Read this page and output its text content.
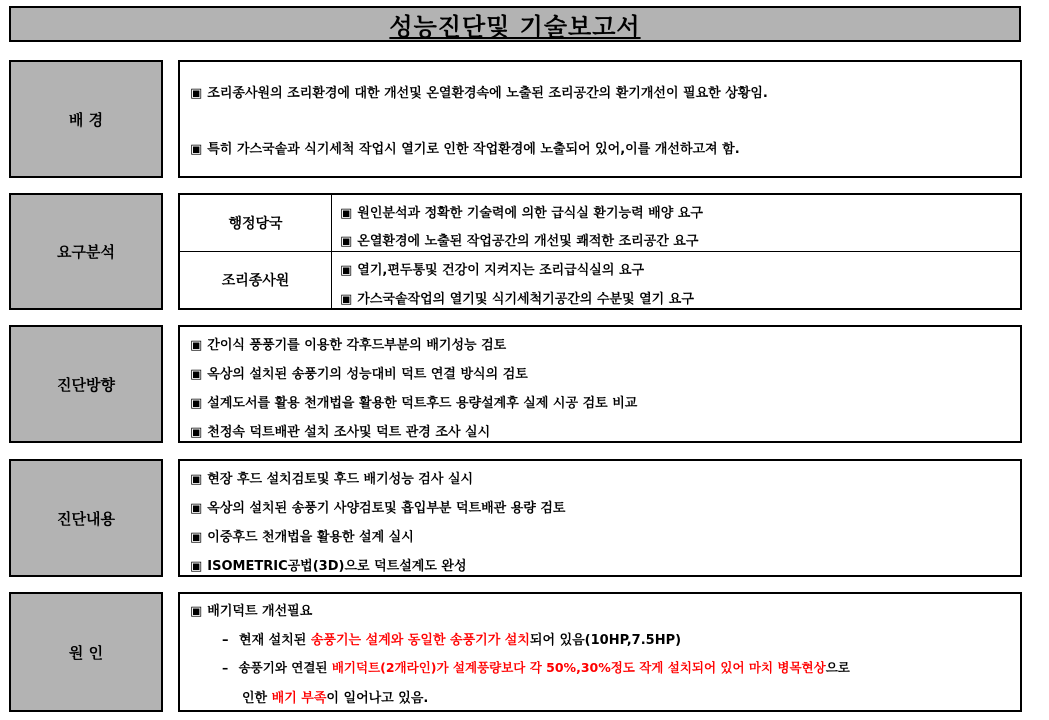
성능진단및 기술보고서
배 경
▣ 조리종사원의 조리환경에 대한 개선및 온열환경속에 노출된 조리공간의 환기개선이 필요한 상황임.
▣ 특히 가스국솥과 식기세척 작업시 열기로 인한 작업환경에 노출되어 있어,이를 개선하고져 함.
요구분석
행정당국
조리종사원
▣ 원인분석과 정확한 기술력에 의한 급식실 환기능력 배양 요구
▣ 온열환경에 노출된 작업공간의 개선및 쾌적한 조리공간 요구
▣ 열기,편두통및 건강이 지켜지는 조리급식실의 요구
▣ 가스국솥작업의 열기및 식기세척기공간의 수분및 열기 요구
진단방향
▣ 간이식 풍풍기를 이용한 각후드부분의 배기성능 검토
▣ 옥상의 설치된 송풍기의 성능대비 덕트 연결 방식의 검토
▣ 설계도서를 활용 천개법을 활용한 덕트후드 용량설계후 실제 시공 검토 비교
▣ 천정속 덕트배관 설치 조사및 덕트 관경 조사 실시
진단내용
▣ 현장 후드 설치검토및 후드 배기성능 검사 실시
▣ 옥상의 설치된 송풍기 사양검토및 흡입부분 덕트배관 용량 검토
▣ 이중후드 천개법을 활용한 설계 실시
▣ ISOMETRIC공법(3D)으로 덕트설계도 완성
원 인
▣ 배기덕트 개선필요
– 현재 설치된 송풍기는 설계와 동일한 송풍기가 설치되어 있음(10HP,7.5HP)
– 송풍기와 연결된 배기덕트(2개라인)가 설계풍량보다 각 50%,30%정도 작게 설치되어 있어 마치 병목현상으로
인한 배기 부족이 일어나고 있음.
